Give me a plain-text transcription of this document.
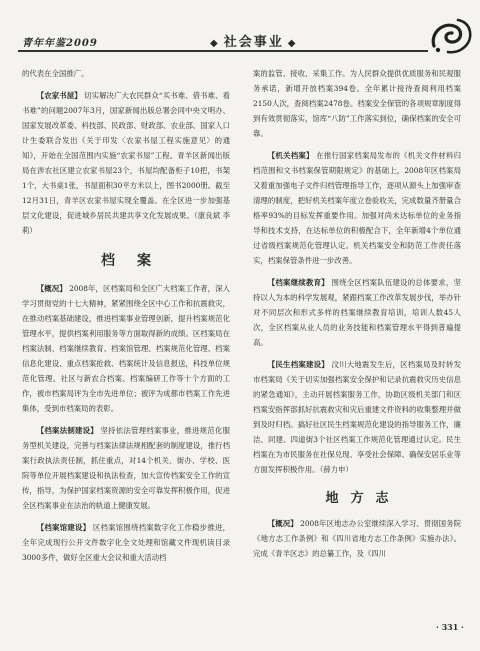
青年年鉴2009	◆ 社会事业 ◆

的代表在全国推广。

【农家书屋】 切实解决广大农民群众“买书难、借书难、看书难”的问题2007年3月，国家新闻出版总署会同中央文明办、国家发展改革委、科技部、民政部、财政部、农业部、国家人口计生委联合发出《关于印发〈农家书屋工程实施意见〉的通知》，开始在全国范围内实施“农家书屋”工程。青羊区新闻出版局在涉农社区建立农家书屋23个，书屋均配备柜子10把，书架1个，大书桌1张，书屋面积30平方米以上，图书2000册。截至12月31日，青羊区农家书屋实现全覆盖。在全区进一步加强基层文化建设，促进城乡居民共建共享文化发展成果。（康良斌 李莉）

档案

【概况】 2008年，区档案局和全区广大档案工作者，深入学习贯彻党的十七大精神，紧紧围绕全区中心工作和抗震救灾，在推动档案基础建设，推进档案事业管理创新，提升档案规范化管理水平，提供档案利用服务等方面取得新的成绩。区档案局在档案法制、档案继续教育、档案馆管理、档案规范化管理、档案信息化建设、重点档案抢救、档案统计及信息报送，科技单位规范化管理、社区与新农合档案、档案编研工作等十个方面的工作，被市档案局评为全市先进单位；被评为成都市档案工作先进集体，受到市档案局的表彰。

【档案法制建设】 坚持依法管理档案事业，推进规范化服务型机关建设，完善与档案法律法规相配套的制度建设，推行档案行政执法责任制，抓住重点，对14个机关、街办、学校、医院等单位开展档案建设和执法检查，加大宣传档案安全工作的宣传，指导，为保护国家档案资源的安全可靠发挥积极作用，促进全区档案事业在法治的轨道上健康发展。

【档案馆建设】 区档案馆围绕档案数字化工作稳步推进，全年完成现行公开文件数字化全文处理和馆藏文件现机读目录3000多件，做好全区重大会议和重大活动档

案的监管、接收、采集工作。为人民群众提供优质服务和民观服务承诺，新增开放档案394卷。全年累计接待查阅利用档案2150人次，查阅档案2478卷。档案安全保管的各项规章制度得到有效贯彻落实，馆库“八防”工作落实到位，确保档案的安全可靠。

【机关档案】 在推行国家档案局发布的《机关文件材料归档范围和文书档案保管期限规定》的基础上，2008年区档案局又着重加强电子文件归档管理指导工作，逐项从源头上加强审查清理的制度，把好机关档案年度立卷验收关，完成数量齐册量合格率93%的目标发挥重要作用。加强对尚未达标单位的业务指导和技术支持，在达标单位的积极配合下，全年新增4个单位通过省级档案规范化管理认定。机关档案安全和防范工作责任落实，档案保管条件进一步改善。

【档案继续教育】 围绕全区档案队伍建设的总体要求，坚持以人为本的科学发展观，紧跟档案工作改革发展步伐，举办针对不同层次和形式多样的档案继续教育培训，培训人数45人次，全区档案从业人员的业务技能和档案管理水平得到普遍提高。

【民生档案建设】 汶川大地震发生后，区档案局及时转发市档案局《关于切实加强档案安全保护和记录抗震救灾历史信息的紧急通知》，主动开展档案服务工作，协助区级机关部门和区档案安指挥部抓好抗震救灾和灾后重建文件资料的收集整理并做到及时归档。搞好社区民生档案规范化建设的指导服务工作，廉洁、同建、四道街3个社区档案工作规范化管理通过认定。民生档案在为市民服务在社保兑现、享受社会保障、确保安居乐业等方面发挥积极作用。（薛力申）

地方志

【概况】 2008年区地志办公室继续深入学习、贯彻国务院《地方志工作条例》和《四川省地方志工作条例》实施办法》。完成《青羊区志》的总纂工作，及《四川

· 331 ·
